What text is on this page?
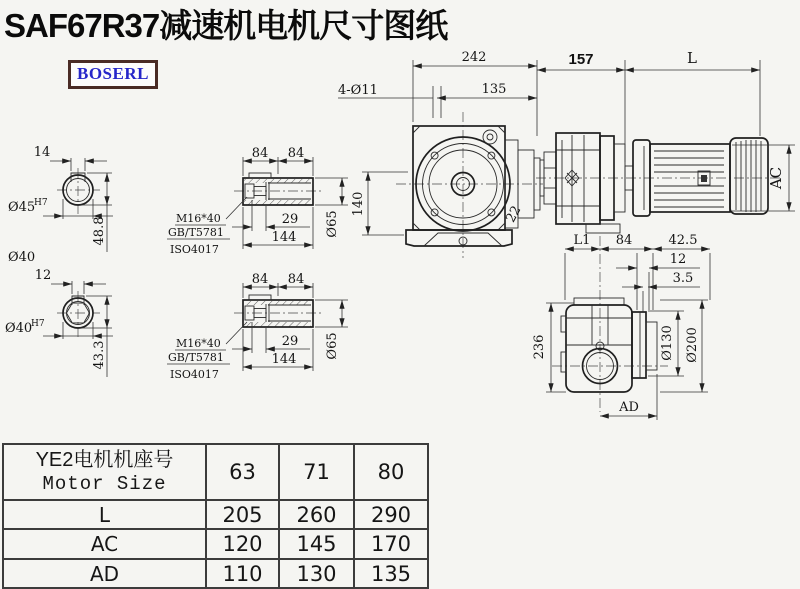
SAF67R37减速机电机尺寸图纸
BOSERL
14
Ø45
H7
48.8
Ø40
12
Ø40
H7
43.3
84 84
29
144 Ø65
M16*40
GB/T5781
ISO4017
84 84
29
144 Ø65
M16*40
GB/T5781
ISO4017
22
242
4-Ø11	135
140
157	L
AC
L1 84	42.5
12
3.5
Ø130 Ø200
236
AD
YE2电机机座号
Motor Size	63	71	80
L	205	260	290
AC	120	145	170
AD	110	130	135
